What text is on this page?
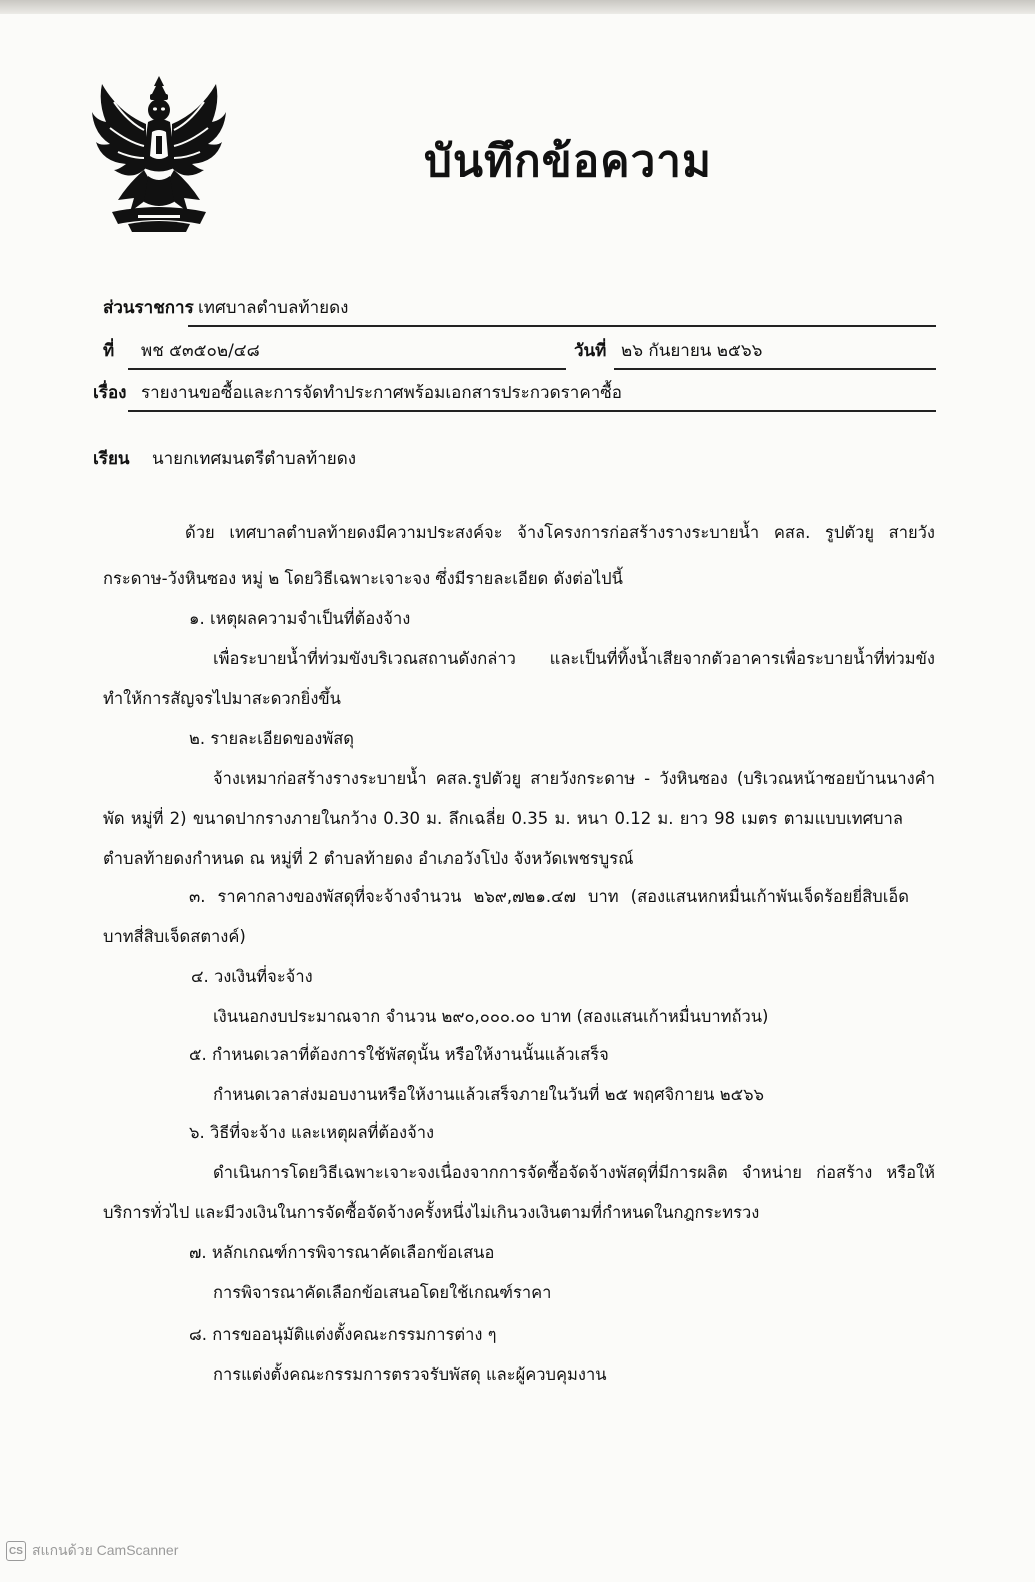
บันทึกข้อความ
ส่วนราชการ เทศบาลตำบลท้ายดง
ที่ พช ๕๓๕๐๒/๔๘	วันที่ ๒๖ กันยายน ๒๕๖๖
เรื่อง รายงานขอซื้อและการจัดทำประกาศพร้อมเอกสารประกวดราคาซื้อ
เรียน นายกเทศมนตรีตำบลท้ายดง
ด้วย เทศบาลตำบลท้ายดงมีความประสงค์จะ จ้างโครงการก่อสร้างรางระบายน้ำ คสล. รูปตัวยู สายวัง
กระดาษ-วังหินซอง หมู่ ๒ โดยวิธีเฉพาะเจาะจง ซึ่งมีรายละเอียด ดังต่อไปนี้
๑. เหตุผลความจำเป็นที่ต้องจ้าง
เพื่อระบายน้ำที่ท่วมขังบริเวณสถานดังกล่าว และเป็นที่ทิ้งน้ำเสียจากตัวอาคารเพื่อระบายน้ำที่ท่วมขัง
ทำให้การสัญจรไปมาสะดวกยิ่งขึ้น
๒. รายละเอียดของพัสดุ
จ้างเหมาก่อสร้างรางระบายน้ำ คสล.รูปตัวยู สายวังกระดาษ - วังหินซอง (บริเวณหน้าซอยบ้านนางคำ
พัด หมู่ที่ 2) ขนาดปากรางภายในกว้าง 0.30 ม. ลึกเฉลี่ย 0.35 ม. หนา 0.12 ม. ยาว 98 เมตร ตามแบบเทศบาล
ตำบลท้ายดงกำหนด ณ หมู่ที่ 2 ตำบลท้ายดง อำเภอวังโป่ง จังหวัดเพชรบูรณ์
๓. ราคากลางของพัสดุที่จะจ้างจำนวน ๒๖๙,๗๒๑.๔๗ บาท (สองแสนหกหมื่นเก้าพันเจ็ดร้อยยี่สิบเอ็ด
บาทสี่สิบเจ็ดสตางค์)
๔. วงเงินที่จะจ้าง
เงินนอกงบประมาณจาก จำนวน ๒๙๐,๐๐๐.๐๐ บาท (สองแสนเก้าหมื่นบาทถ้วน)
๕. กำหนดเวลาที่ต้องการใช้พัสดุนั้น หรือให้งานนั้นแล้วเสร็จ
กำหนดเวลาส่งมอบงานหรือให้งานแล้วเสร็จภายในวันที่ ๒๕ พฤศจิกายน ๒๕๖๖
๖. วิธีที่จะจ้าง และเหตุผลที่ต้องจ้าง
ดำเนินการโดยวิธีเฉพาะเจาะจงเนื่องจากการจัดซื้อจัดจ้างพัสดุที่มีการผลิต จำหน่าย ก่อสร้าง หรือให้
บริการทั่วไป และมีวงเงินในการจัดซื้อจัดจ้างครั้งหนึ่งไม่เกินวงเงินตามที่กำหนดในกฎกระทรวง
๗. หลักเกณฑ์การพิจารณาคัดเลือกข้อเสนอ
การพิจารณาคัดเลือกข้อเสนอโดยใช้เกณฑ์ราคา
๘. การขออนุมัติแต่งตั้งคณะกรรมการต่าง ๆ
การแต่งตั้งคณะกรรมการตรวจรับพัสดุ และผู้ควบคุมงาน
CS สแกนด้วย CamScanner
